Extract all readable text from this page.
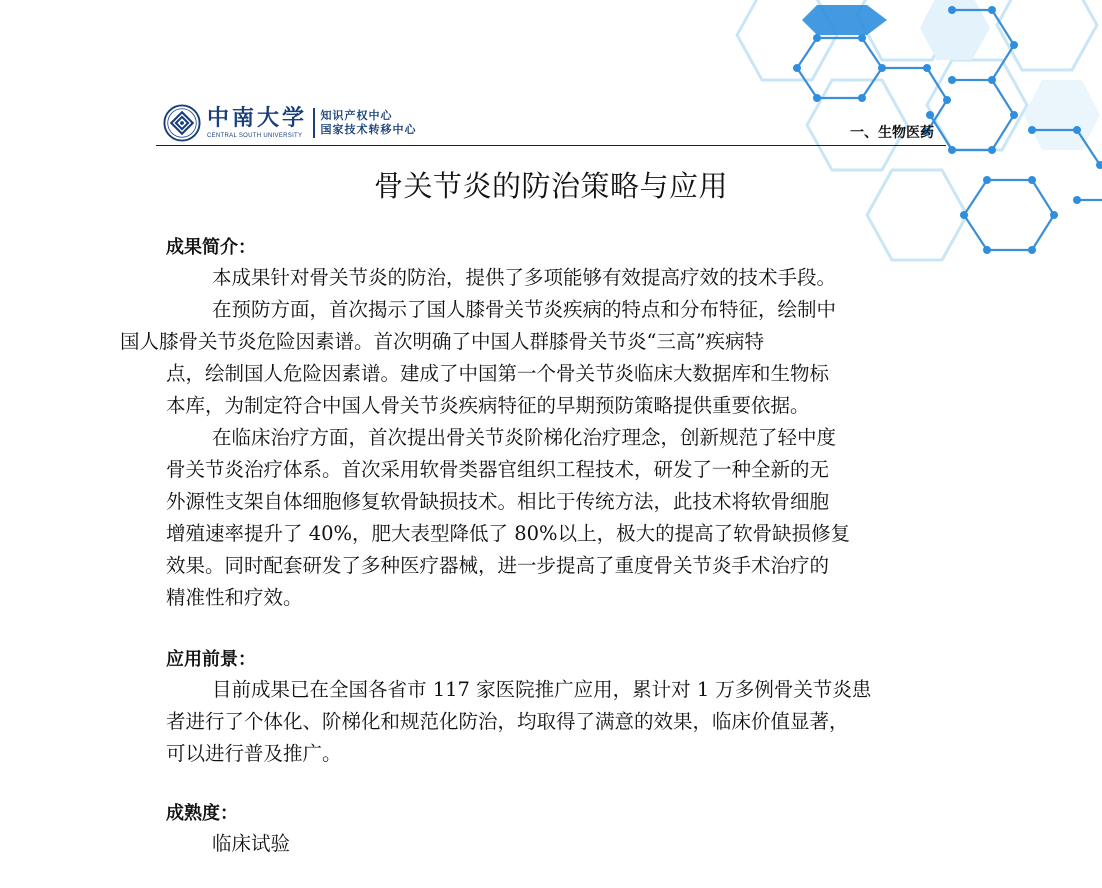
中南大学
CENTRAL SOUTH UNIVERSITY
知识产权中心
国家技术转移中心	一、生物医药
骨关节炎的防治策略与应用
成果简介：

本成果针对骨关节炎的防治，提供了多项能够有效提高疗效的技术手段。

在预防方面，首次揭示了国人膝骨关节炎疾病的特点和分布特征，绘制中
国人膝骨关节炎危险因素谱。首次明确了中国人群膝骨关节炎“三高”疾病特
点，绘制国人危险因素谱。建成了中国第一个骨关节炎临床大数据库和生物标
本库，为制定符合中国人骨关节炎疾病特征的早期预防策略提供重要依据。

在临床治疗方面，首次提出骨关节炎阶梯化治疗理念，创新规范了轻中度
骨关节炎治疗体系。首次采用软骨类器官组织工程技术，研发了一种全新的无
外源性支架自体细胞修复软骨缺损技术。相比于传统方法，此技术将软骨细胞
增殖速率提升了 40%，肥大表型降低了 80%以上，极大的提高了软骨缺损修复
效果。同时配套研发了多种医疗器械，进一步提高了重度骨关节炎手术治疗的
精准性和疗效。

应用前景：

目前成果已在全国各省市 117 家医院推广应用，累计对 1 万多例骨关节炎患
者进行了个体化、阶梯化和规范化防治，均取得了满意的效果，临床价值显著，
可以进行普及推广。

成熟度：

临床试验
